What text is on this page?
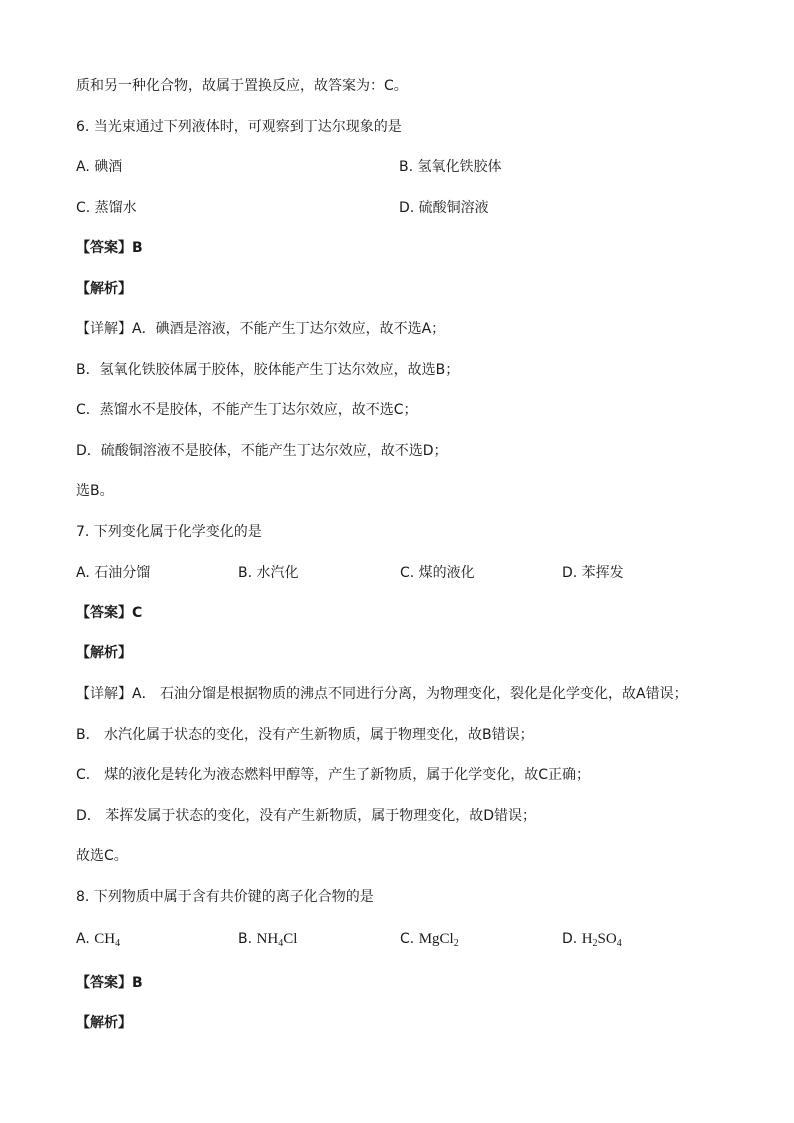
质和另一种化合物，故属于置换反应，故答案为：C。
6. 当光束通过下列液体时，可观察到丁达尔现象的是
A. 碘酒	B. 氢氧化铁胶体
C. 蒸馏水	D. 硫酸铜溶液
【答案】B
【解析】
【详解】A．碘酒是溶液，不能产生丁达尔效应，故不选A；
B．氢氧化铁胶体属于胶体，胶体能产生丁达尔效应，故选B；
C．蒸馏水不是胶体，不能产生丁达尔效应，故不选C；
D．硫酸铜溶液不是胶体，不能产生丁达尔效应，故不选D；
选B。
7. 下列变化属于化学变化的是
A. 石油分馏	B. 水汽化	C. 煤的液化	D. 苯挥发
【答案】C
【解析】
【详解】A． 石油分馏是根据物质的沸点不同进行分离，为物理变化，裂化是化学变化，故A错误；
B． 水汽化属于状态的变化，没有产生新物质，属于物理变化，故B错误；
C． 煤的液化是转化为液态燃料甲醇等，产生了新物质，属于化学变化，故C正确；
D． 苯挥发属于状态的变化，没有产生新物质，属于物理变化，故D错误；
故选C。
8. 下列物质中属于含有共价键的离子化合物的是
A. $CH_4$	B. $NH_4Cl$	C. MgCl$_2$	D. $H_2SO_4$
【答案】B
【解析】
